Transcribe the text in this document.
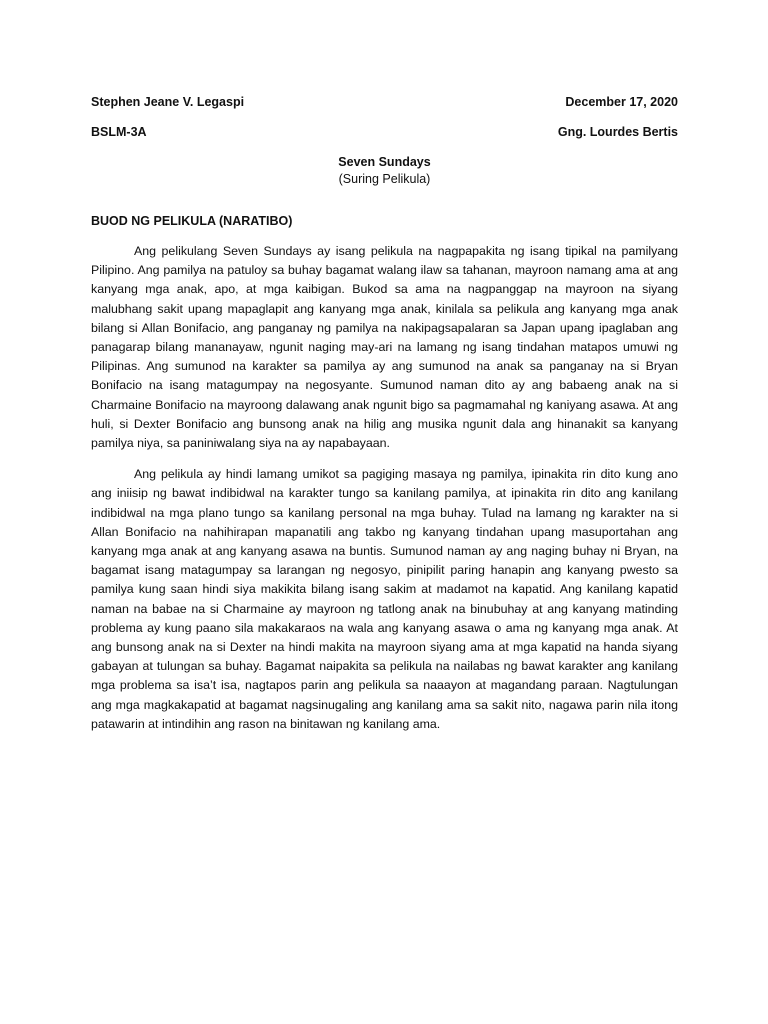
Stephen Jeane V. Legaspi	December 17, 2020
BSLM-3A	Gng. Lourdes Bertis
Seven Sundays
(Suring Pelikula)
BUOD NG PELIKULA (NARATIBO)

Ang pelikulang Seven Sundays ay isang pelikula na nagpapakita ng isang tipikal na pamilyang Pilipino. Ang pamilya na patuloy sa buhay bagamat walang ilaw sa tahanan, mayroon namang ama at ang kanyang mga anak, apo, at mga kaibigan. Bukod sa ama na nagpanggap na mayroon na siyang malubhang sakit upang mapaglapit ang kanyang mga anak, kinilala sa pelikula ang kanyang mga anak bilang si Allan Bonifacio, ang panganay ng pamilya na nakipagsapalaran sa Japan upang ipaglaban ang panagarap bilang mananayaw, ngunit naging may-ari na lamang ng isang tindahan matapos umuwi ng Pilipinas. Ang sumunod na karakter sa pamilya ay ang sumunod na anak sa panganay na si Bryan Bonifacio na isang matagumpay na negosyante. Sumunod naman dito ay ang babaeng anak na si Charmaine Bonifacio na mayroong dalawang anak ngunit bigo sa pagmamahal ng kaniyang asawa. At ang huli, si Dexter Bonifacio ang bunsong anak na hilig ang musika ngunit dala ang hinanakit sa kanyang pamilya niya, sa paniniwalang siya na ay napabayaan.

Ang pelikula ay hindi lamang umikot sa pagiging masaya ng pamilya, ipinakita rin dito kung ano ang iniisip ng bawat indibidwal na karakter tungo sa kanilang pamilya, at ipinakita rin dito ang kanilang indibidwal na mga plano tungo sa kanilang personal na mga buhay. Tulad na lamang ng karakter na si Allan Bonifacio na nahihirapan mapanatili ang takbo ng kanyang tindahan upang masuportahan ang kanyang mga anak at ang kanyang asawa na buntis. Sumunod naman ay ang naging buhay ni Bryan, na bagamat isang matagumpay sa larangan ng negosyo, pinipilit paring hanapin ang kanyang pwesto sa pamilya kung saan hindi siya makikita bilang isang sakim at madamot na kapatid. Ang kanilang kapatid naman na babae na si Charmaine ay mayroon ng tatlong anak na binubuhay at ang kanyang matinding problema ay kung paano sila makakaraos na wala ang kanyang asawa o ama ng kanyang mga anak. At ang bunsong anak na si Dexter na hindi makita na mayroon siyang ama at mga kapatid na handa siyang gabayan at tulungan sa buhay. Bagamat naipakita sa pelikula na nailabas ng bawat karakter ang kanilang mga problema sa isa’t isa, nagtapos parin ang pelikula sa naaayon at magandang paraan. Nagtulungan ang mga magkakapatid at bagamat nagsinugaling ang kanilang ama sa sakit nito, nagawa parin nila itong patawarin at intindihin ang rason na binitawan ng kanilang ama.
